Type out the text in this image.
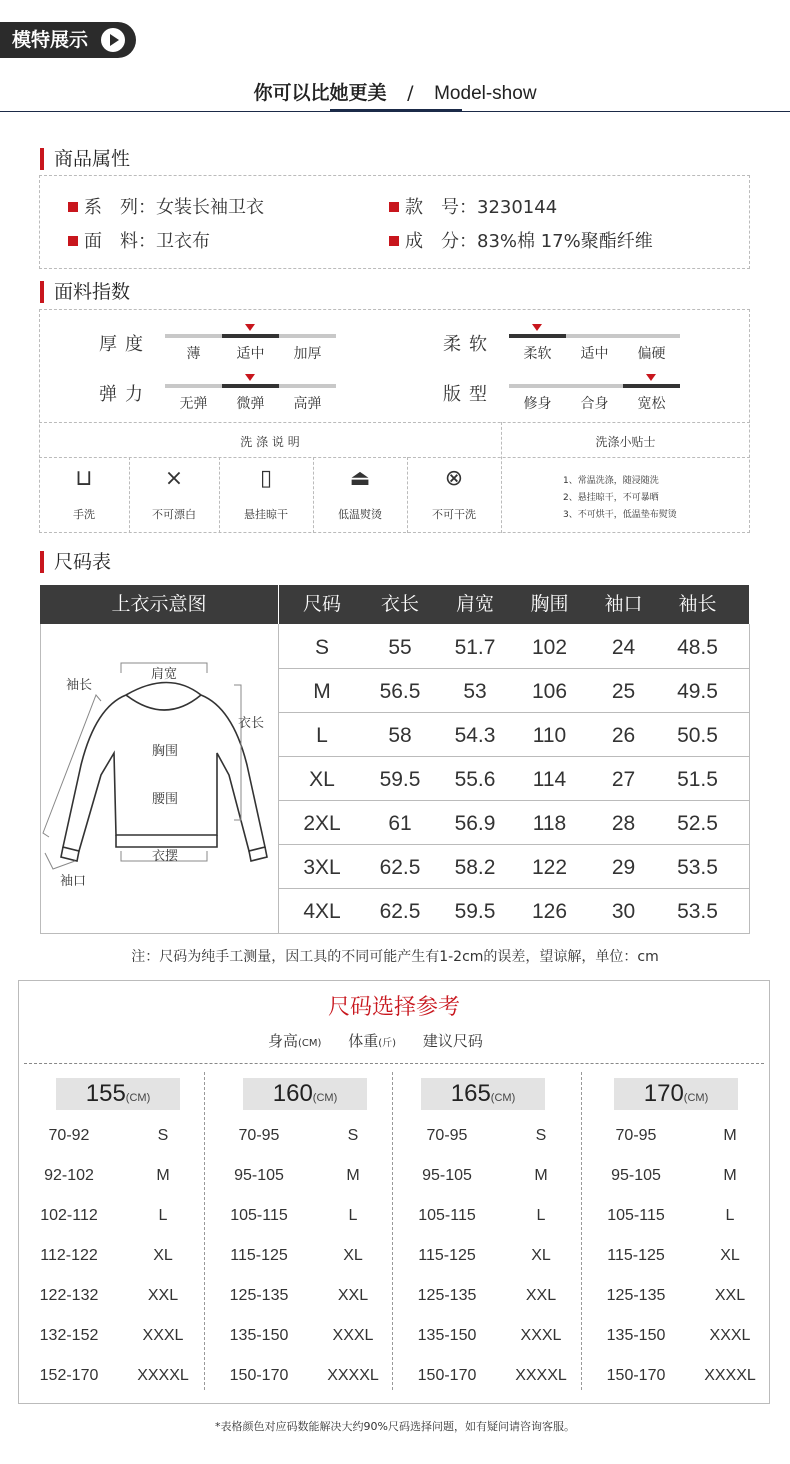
模特展示
你可以比她更美 / Model-show
商品属性
系　列：女装长袖卫衣	款　号：3230144
面　料：卫衣布	成　分：83%棉 17%聚酯纤维
面料指数
厚度	薄	适中	加厚	柔软	柔软	适中	偏硬
弹力	无弹	微弹	高弹	版型	修身	合身	宽松
洗 涤 说 明	洗涤小贴士
⊔
手洗
⨯
不可漂白
▯
悬挂晾干
⏏
低温熨烫
⊗
不可干洗
1、常温洗涤，随浸随洗
2、悬挂晾干，不可暴晒
3、不可烘干，低温垫布熨烫
尺码表
上衣示意图	尺码	衣长	肩宽	胸围	袖口	袖长
S	55	51.7	102	24	48.5
M	56.5	53	106	25	49.5
L	58	54.3	110	26	50.5
XL	59.5	55.6	114	27	51.5
2XL	61	56.9	118	28	52.5
3XL	62.5	58.2	122	29	53.5
4XL	62.5	59.5	126	30	53.5
肩宽
袖长
衣长
胸围
腰围
衣摆
袖口
注：尺码为纯手工测量，因工具的不同可能产生有1-2cm的误差，望谅解，单位：cm
尺码选择参考
身高(CM) 体重(斤) 建议尺码
155(CM)
70-92	S
92-102	M
102-112	L
112-122	XL
122-132	XXL
132-152	XXXL
152-170	XXXXL
160(CM)
70-95	S
95-105	M
105-115	L
115-125	XL
125-135	XXL
135-150	XXXL
150-170	XXXXL
165(CM)
70-95	S
95-105	M
105-115	L
115-125	XL
125-135	XXL
135-150	XXXL
150-170	XXXXL
170(CM)
70-95	M
95-105	M
105-115	L
115-125	XL
125-135	XXL
135-150	XXXL
150-170	XXXXL
*表格颜色对应码数能解决大约90%尺码选择问题，如有疑问请咨询客服。
